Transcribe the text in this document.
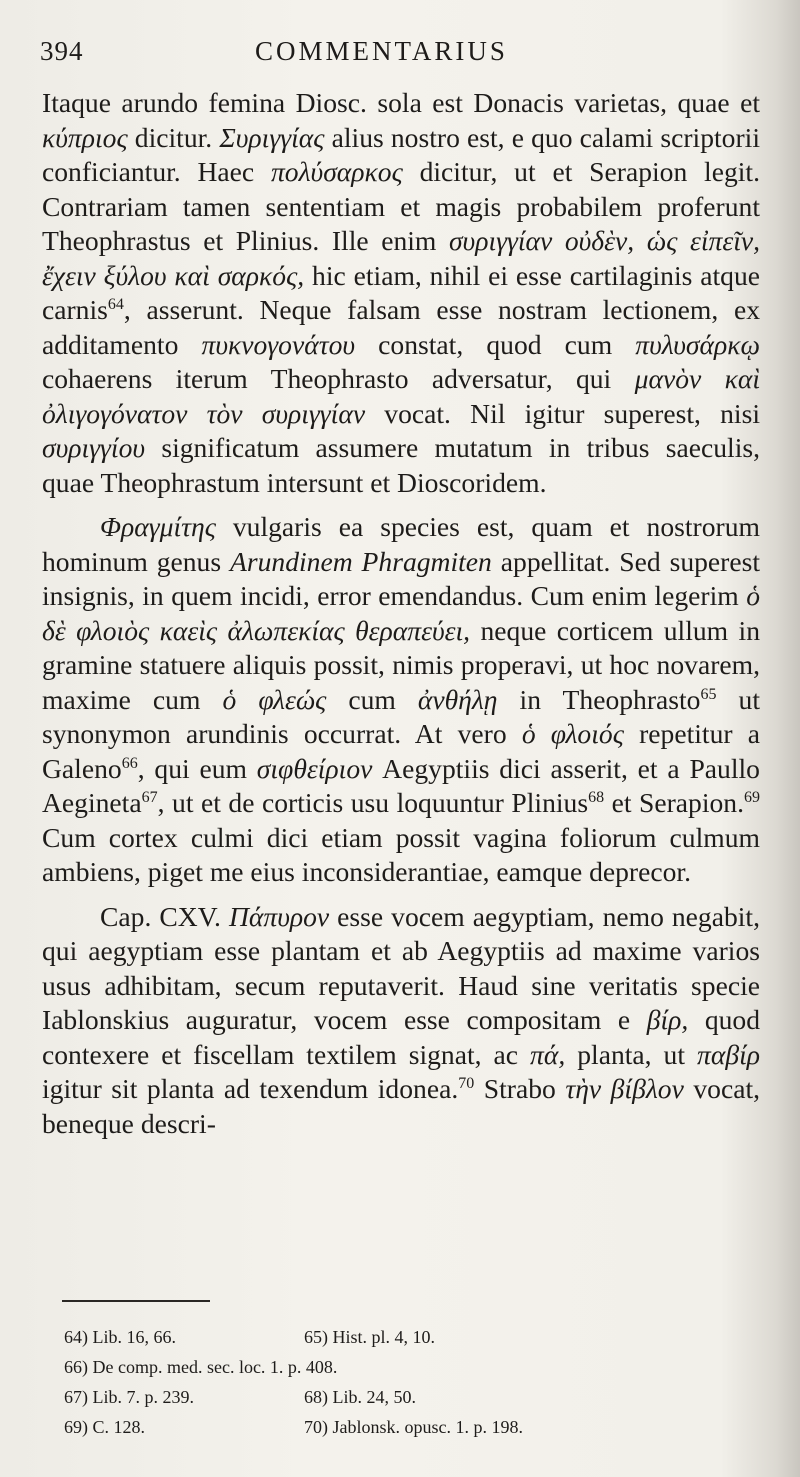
394	COMMENTARIUS

Itaque arundo femina Diosc. sola est Donacis varietas, quae et κύπριος dicitur. Συριγγίας alius nostro est, e quo calami scriptorii conficiantur. Haec πολύσαρκος dicitur, ut et Serapion legit. Contrariam tamen sententiam et magis probabilem proferunt Theophrastus et Plinius. Ille enim συριγγίαν οὐδὲν, ὡς εἰπεῖν, ἔχειν ξύλου καὶ σαρκός, hic etiam, nihil ei esse cartilaginis atque carnis$^{64}$, asserunt. Neque falsam esse nostram lectionem, ex additamento πυκνογονάτου constat, quod cum πυλυσάρκῳ cohaerens iterum Theophrasto adversatur, qui μανὸν καὶ ὀλιγογόνατον τὸν συριγγίαν vocat. Nil igitur superest, nisi συριγγίου significatum assumere mutatum in tribus saeculis, quae Theophrastum intersunt et Dioscoridem.

Φραγμίτης vulgaris ea species est, quam et nostrorum hominum genus Arundinem Phragmiten appellitat. Sed superest insignis, in quem incidi, error emendandus. Cum enim legerim ὁ δὲ φλοιὸς καεὶς ἀλωπεκίας θεραπεύει, neque corticem ullum in gramine statuere aliquis possit, nimis properavi, ut hoc novarem, maxime cum ὁ φλεώς cum ἀνθήλῃ in Theophrasto$^{65}$ ut synonymon arundinis occurrat. At vero ὁ φλοιός repetitur a Galeno$^{66}$, qui eum σιφθείριον Aegyptiis dici asserit, et a Paullo Aegineta$^{67}$, ut et de corticis usu loquuntur Plinius$^{68}$ et Serapion.$^{69}$ Cum cortex culmi dici etiam possit vagina foliorum culmum ambiens, piget me eius inconsiderantiae, eamque deprecor.

Cap. CXV. Πάπυρον esse vocem aegyptiam, nemo negabit, qui aegyptiam esse plantam et ab Aegyptiis ad maxime varios usus adhibitam, secum reputaverit. Haud sine veritatis specie Iablonskius auguratur, vocem esse compositam e βίρ, quod contexere et fiscellam textilem signat, ac πά, planta, ut παβίρ igitur sit planta ad texendum idonea.$^{70}$ Strabo τὴν βίβλον vocat, beneque descri-

64) Lib. 16, 66.	65) Hist. pl. 4, 10.
66) De comp. med. sec. loc. 1. p. 408.
67) Lib. 7. p. 239.	68) Lib. 24, 50.
69) C. 128.	70) Jablonsk. opusc. 1. p. 198.
